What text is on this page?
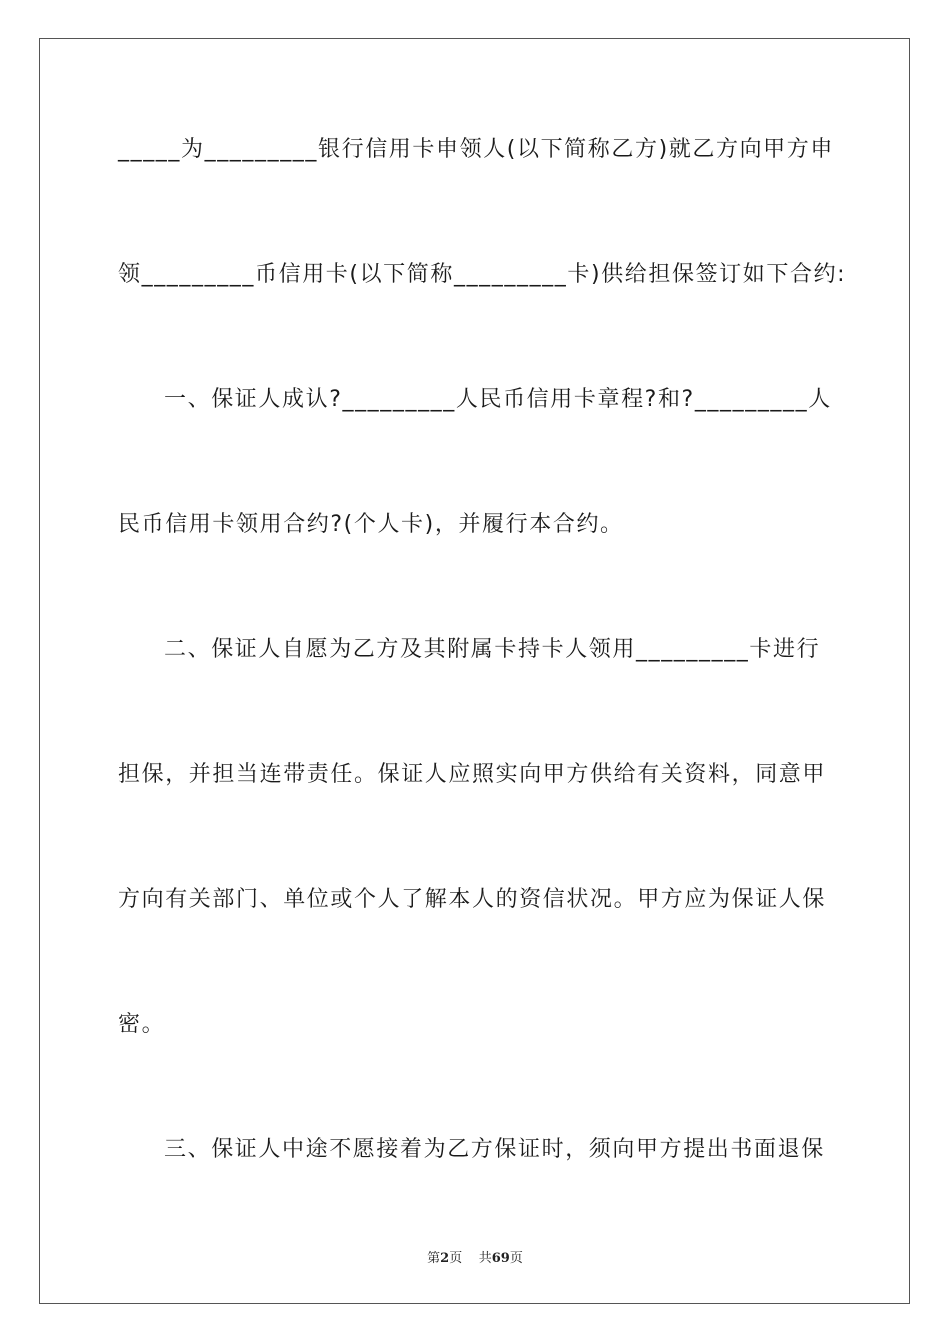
_____为_________银行信用卡申领人(以下简称乙方)就乙方向甲方申
领_________币信用卡(以下简称_________卡)供给担保签订如下合约:
一、保证人成认?_________人民币信用卡章程?和?_________人
民币信用卡领用合约?(个人卡)，并履行本合约。
二、保证人自愿为乙方及其附属卡持卡人领用_________卡进行
担保，并担当连带责任。保证人应照实向甲方供给有关资料，同意甲
方向有关部门、单位或个人了解本人的资信状况。甲方应为保证人保
密。
三、保证人中途不愿接着为乙方保证时，须向甲方提出书面退保
第2页 共69页
